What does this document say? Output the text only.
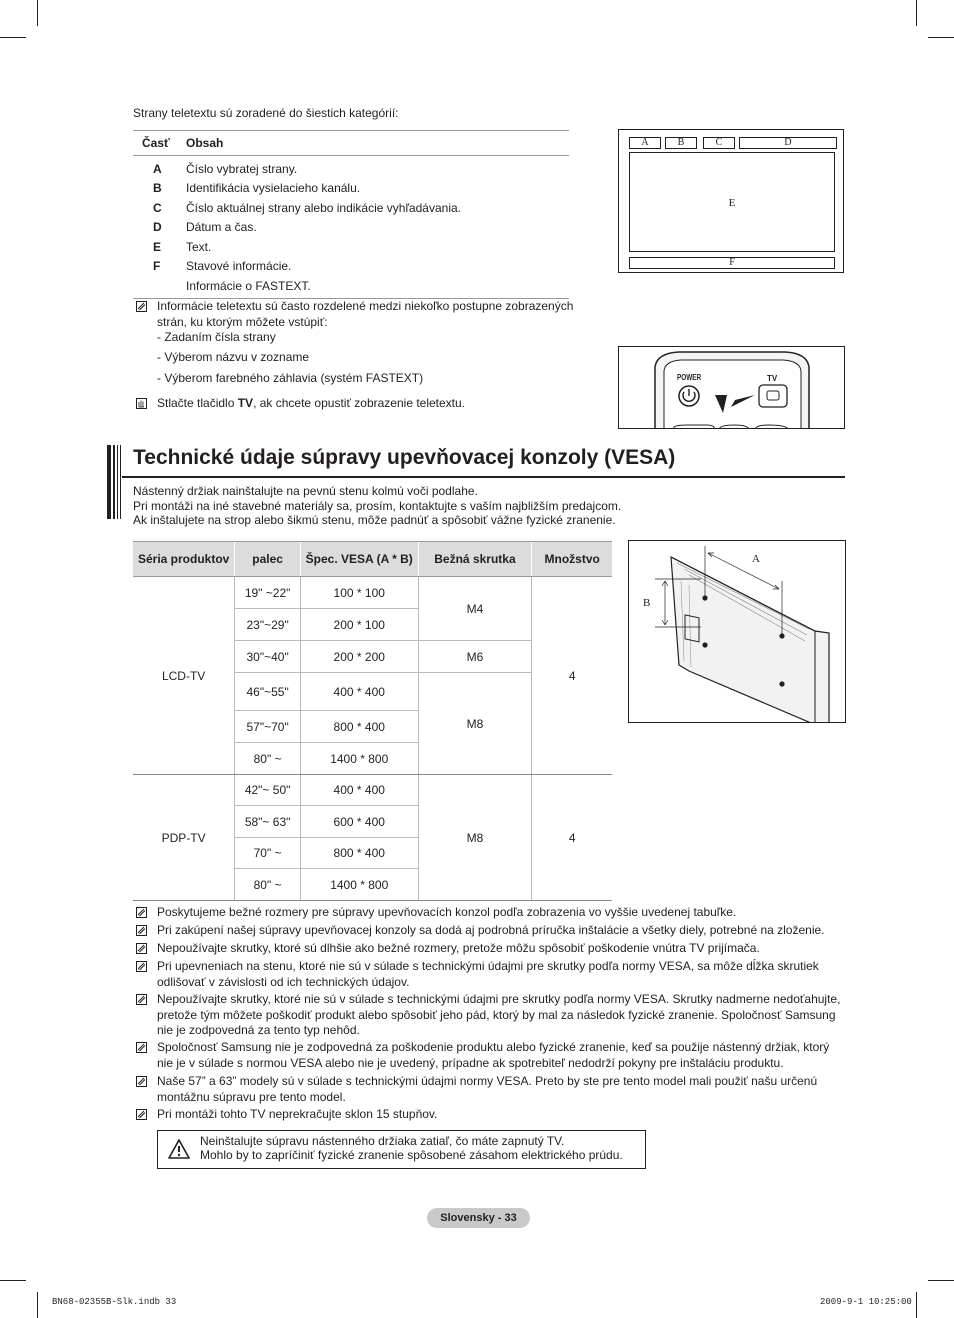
Strany teletextu sú zoradené do šiestich kategórií:
Časť	Obsah

A	Číslo vybratej strany.
B	Identifikácia vysielacieho kanálu.
C	Číslo aktuálnej strany alebo indikácie vyhľadávania.
D	Dátum a čas.
E	Text.
F	Stavové informácie.
	Informácie o FASTEXT.
A	B	C	D
E
F
Informácie teletextu sú často rozdelené medzi niekoľko postupne zobrazených strán, ku ktorým môžete vstúpiť:
- Zadaním čísla strany
- Výberom názvu v zozname
- Výberom farebného záhlavia (systém FASTEXT)
Stlačte tlačidlo TV, ak chcete opustiť zobrazenie teletextu.
POWER	TV
Technické údaje súpravy upevňovacej konzoly (VESA)
Nástenný držiak nainštalujte na pevnú stenu kolmú voči podlahe.
Pri montáži na iné stavebné materiály sa, prosím, kontaktujte s vaším najbližším predajcom.
Ak inštalujete na strop alebo šikmú stenu, môže padnúť a spôsobiť vážne fyzické zranenie.
Séria produktov	palec	Špec. VESA (A * B)	Bežná skrutka	Množstvo
LCD-TV	19" ~22"	100 * 100	M4	4
	23"~29"	200 * 100		
	30"~40"	200 * 200	M6	
	46"~55"	400 * 400	M8	
	57"~70"	800 * 400		
	80" ~	1400 * 800		
PDP-TV	42"~ 50"	400 * 400	M8	4
	58"~ 63"	600 * 400		
	70" ~	800 * 400		
	80" ~	1400 * 800		
A
B
Poskytujeme bežné rozmery pre súpravy upevňovacích konzol podľa zobrazenia vo vyššie uvedenej tabuľke.
Pri zakúpení našej súpravy upevňovacej konzoly sa dodá aj podrobná príručka inštalácie a všetky diely, potrebné na zloženie.
Nepoužívajte skrutky, ktoré sú dlhšie ako bežné rozmery, pretože môžu spôsobiť poškodenie vnútra TV prijímača.
Pri upevneniach na stenu, ktoré nie sú v súlade s technickými údajmi pre skrutky podľa normy VESA, sa môže dĺžka skrutiek odlišovať v závislosti od ich technických údajov.
Nepoužívajte skrutky, ktoré nie sú v súlade s technickými údajmi pre skrutky podľa normy VESA. Skrutky nadmerne nedoťahujte, pretože tým môžete poškodiť produkt alebo spôsobiť jeho pád, ktorý by mal za následok fyzické zranenie. Spoločnosť Samsung nie je zodpovedná za tento typ nehôd.
Spoločnosť Samsung nie je zodpovedná za poškodenie produktu alebo fyzické zranenie, keď sa použije nástenný držiak, ktorý nie je v súlade s normou VESA alebo nie je uvedený, prípadne ak spotrebiteľ nedodrží pokyny pre inštaláciu produktu.
Naše 57” a 63” modely sú v súlade s technickými údajmi normy VESA. Preto by ste pre tento model mali použiť našu určenú montážnu súpravu pre tento model.
Pri montáži tohto TV neprekračujte sklon 15 stupňov.
Neinštalujte súpravu nástenného držiaka zatiaľ, čo máte zapnutý TV.
Mohlo by to zapríčiniť fyzické zranenie spôsobené zásahom elektrického prúdu.
Slovensky - 33
BN68-02355B-Slk.indb 33	2009-9-1 10:25:00
